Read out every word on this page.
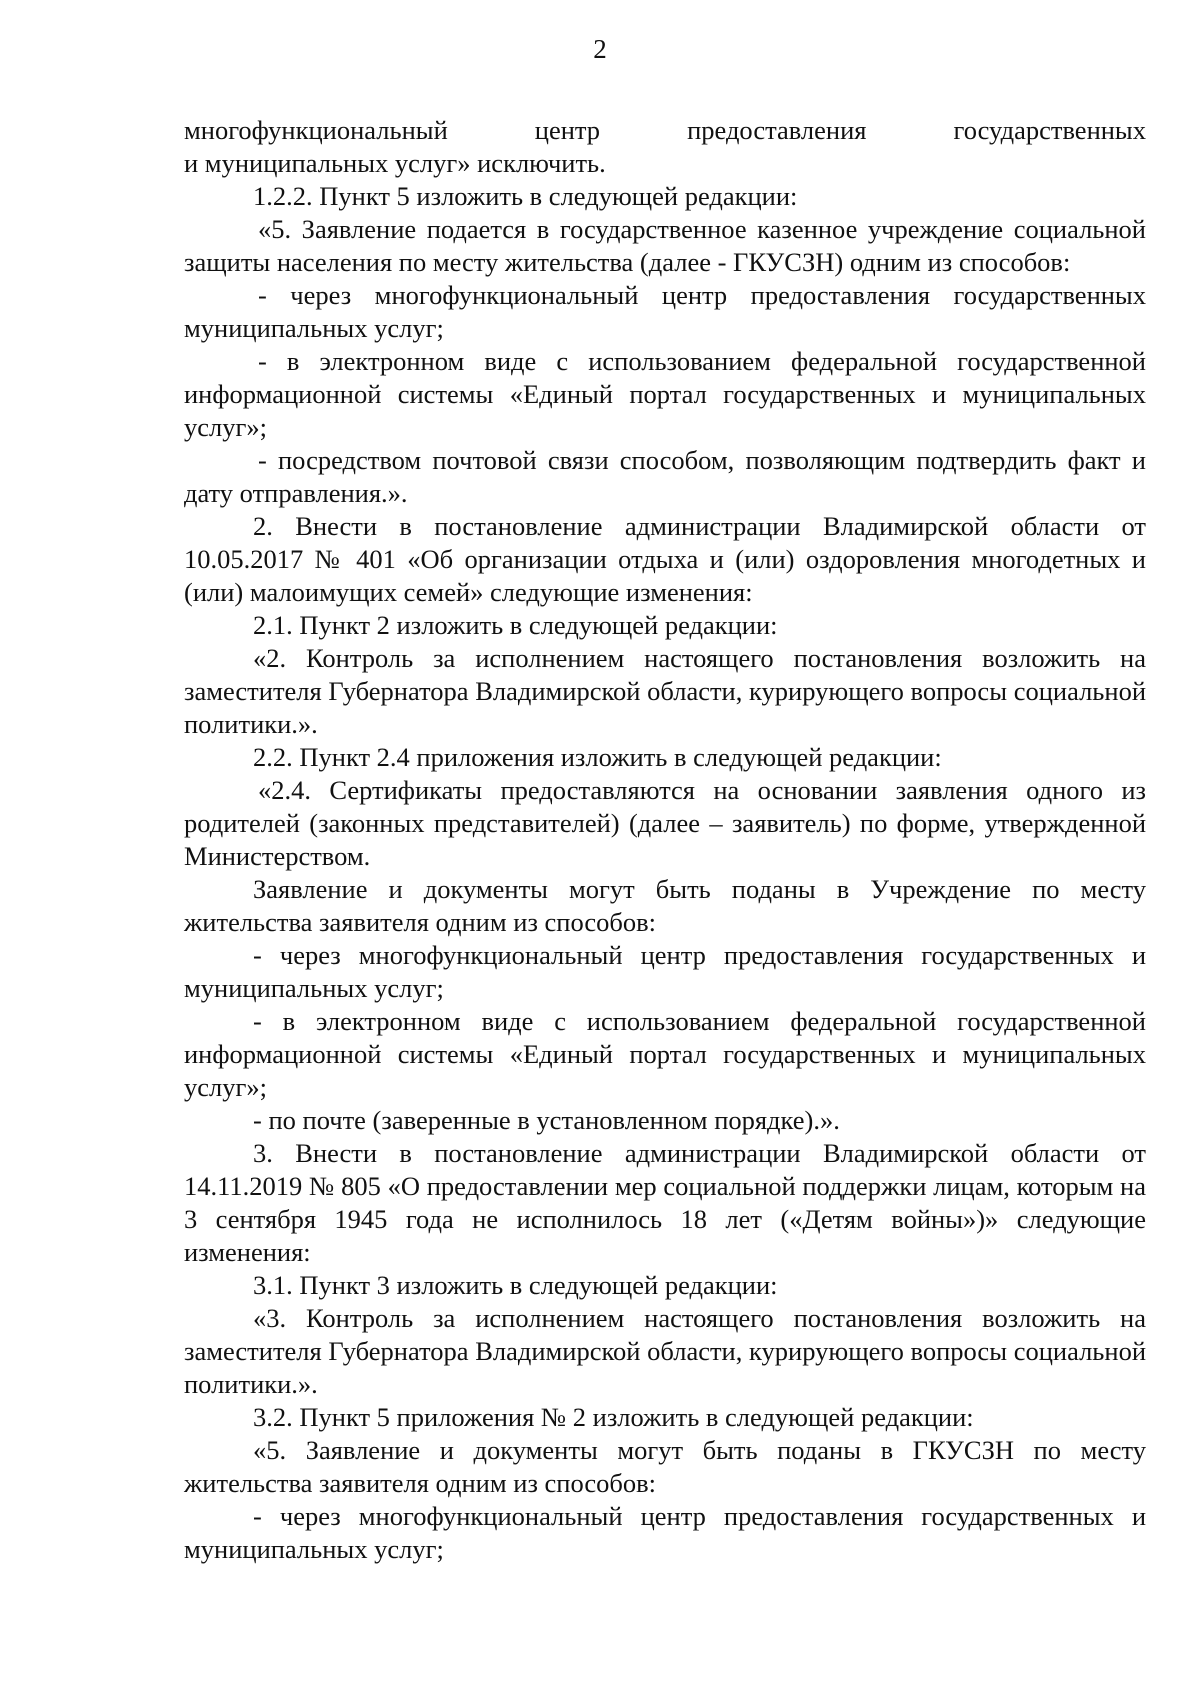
2

многофункциональный центр предоставления государственных

и муниципальных услуг» исключить.

1.2.2. Пункт 5 изложить в следующей редакции:

«5. Заявление подается в государственное казенное учреждение социальной защиты населения по месту жительства (далее - ГКУСЗН) одним из способов:

- через многофункциональный центр предоставления государственных муниципальных услуг;

- в электронном виде с использованием федеральной государственной информационной системы «Единый портал государственных и муниципальных услуг»;

- посредством почтовой связи способом, позволяющим подтвердить факт и дату отправления.».

2. Внести в постановление администрации Владимирской области от 10.05.2017 № 401 «Об организации отдыха и (или) оздоровления многодетных и (или) малоимущих семей» следующие изменения:

2.1. Пункт 2 изложить в следующей редакции:

«2. Контроль за исполнением настоящего постановления возложить на заместителя Губернатора Владимирской области, курирующего вопросы социальной политики.».

2.2. Пункт 2.4 приложения изложить в следующей редакции:

«2.4. Сертификаты предоставляются на основании заявления одного из родителей (законных представителей) (далее – заявитель) по форме, утвержденной Министерством.

Заявление и документы могут быть поданы в Учреждение по месту жительства заявителя одним из способов:

- через многофункциональный центр предоставления государственных и муниципальных услуг;

- в электронном виде с использованием федеральной государственной информационной системы «Единый портал государственных и муниципальных услуг»;

- по почте (заверенные в установленном порядке).».

3. Внести в постановление администрации Владимирской области от 14.11.2019 № 805 «О предоставлении мер социальной поддержки лицам, которым на 3 сентября 1945 года не исполнилось 18 лет («Детям войны»)» следующие изменения:

3.1. Пункт 3 изложить в следующей редакции:

«3. Контроль за исполнением настоящего постановления возложить на заместителя Губернатора Владимирской области, курирующего вопросы социальной политики.».

3.2. Пункт 5 приложения № 2 изложить в следующей редакции:

«5. Заявление и документы могут быть поданы в ГКУСЗН по месту жительства заявителя одним из способов:

- через многофункциональный центр предоставления государственных и муниципальных услуг;
